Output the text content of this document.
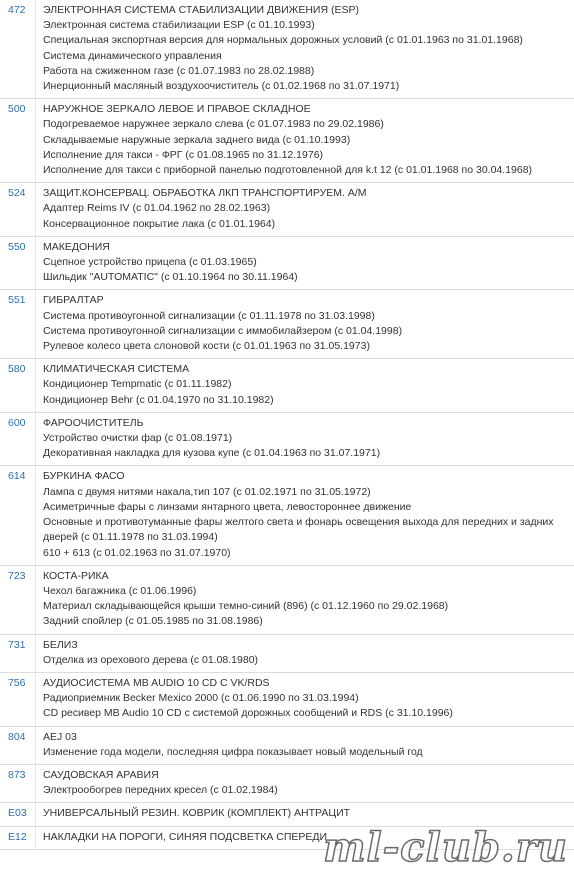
472	ЭЛЕКТРОННАЯ СИСТЕМА СТАБИЛИЗАЦИИ ДВИЖЕНИЯ (ESP)
Электронная система стабилизации ESP (с 01.10.1993)
Специальная экспортная версия для нормальных дорожных условий (с 01.01.1963 по 31.01.1968)
Система динамического управления
Работа на сжиженном газе (с 01.07.1983 по 28.02.1988)
Инерционный масляный воздухоочиститель (с 01.02.1968 по 31.07.1971)
500	НАРУЖНОЕ ЗЕРКАЛО ЛЕВОЕ И ПРАВОЕ СКЛАДНОЕ
Подогреваемое наружнее зеркало слева (с 01.07.1983 по 29.02.1986)
Складываемые наружные зеркала заднего вида (с 01.10.1993)
Исполнение для такси - ФРГ (с 01.08.1965 по 31.12.1976)
Исполнение для такси с приборной панелью подготовленной для k.t 12 (с 01.01.1968 по 30.04.1968)
524	ЗАЩИТ.КОНСЕРВАЦ. ОБРАБОТКА ЛКП ТРАНСПОРТИРУЕМ. А/М
Адаптер Reims IV (с 01.04.1962 по 28.02.1963)
Консервационное покрытие лака (с 01.01.1964)
550	МАКЕДОНИЯ
Сцепное устройство прицепа (с 01.03.1965)
Шильдик "AUTOMATIC" (с 01.10.1964 по 30.11.1964)
551	ГИБРАЛТАР
Система противоугонной сигнализации (с 01.11.1978 по 31.03.1998)
Система противоугонной сигнализации с иммобилайзером (с 01.04.1998)
Рулевое колесо цвета слоновой кости (с 01.01.1963 по 31.05.1973)
580	КЛИМАТИЧЕСКАЯ СИСТЕМА
Кондиционер Tempmatic (с 01.11.1982)
Кондиционер Behr (с 01.04.1970 по 31.10.1982)
600	ФАРООЧИСТИТЕЛЬ
Устройство очистки фар (с 01.08.1971)
Декоративная накладка для кузова купе (с 01.04.1963 по 31.07.1971)
614	БУРКИНА ФАСО
Лампа с двумя нитями накала,тип 107 (с 01.02.1971 по 31.05.1972)
Асиметричные фары с линзами янтарного цвета, левостороннее движение
Основные и противотуманные фары желтого света и фонарь освещения выхода для передних и задних дверей (с 01.11.1978 по 31.03.1994)
610 + 613 (с 01.02.1963 по 31.07.1970)
723	КОСТА-РИКА
Чехол багажника (с 01.06.1996)
Материал складывающейся крыши темно-синий (896) (с 01.12.1960 по 29.02.1968)
Задний спойлер (с 01.05.1985 по 31.08.1986)
731	БЕЛИЗ
Отделка из орехового дерева (с 01.08.1980)
756	АУДИОСИСТЕМА MB AUDIO 10 CD С VK/RDS
Радиоприемник Becker Mexico 2000 (с 01.06.1990 по 31.03.1994)
CD ресивер MB Audio 10 CD с системой дорожных сообщений и RDS (с 31.10.1996)
804	AEJ 03
Изменение года модели, последняя цифра показывает новый модельный год
873	САУДОВСКАЯ АРАВИЯ
Электрообогрев передних кресел (с 01.02.1984)
E03	УНИВЕРСАЛЬНЫЙ РЕЗИН. КОВРИК (КОМПЛЕКТ) АНТРАЦИТ
E12	НАКЛАДКИ НА ПОРОГИ, СИНЯЯ ПОДСВЕТКА СПЕРЕДИ
ml-club.ru
